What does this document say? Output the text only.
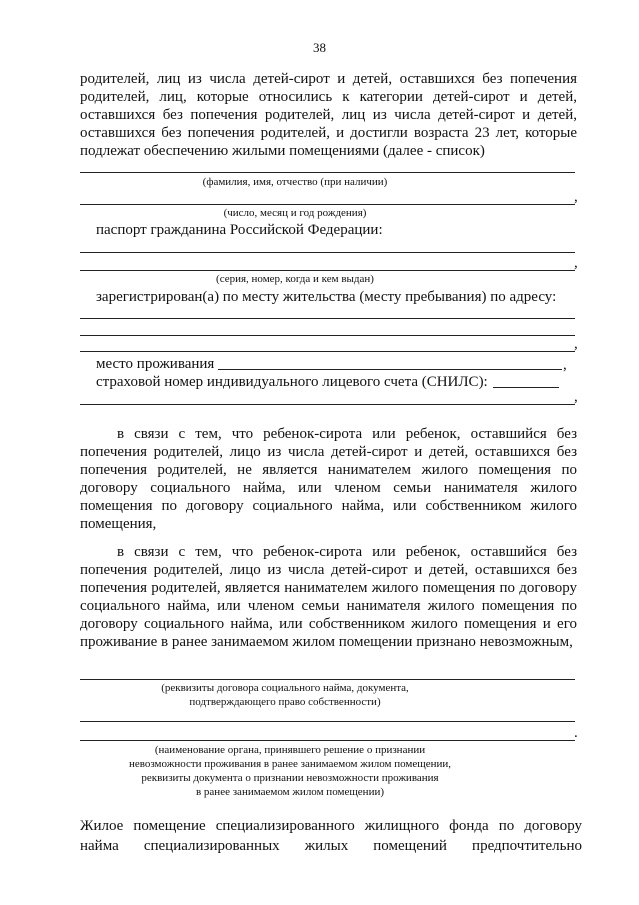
38
родителей, лиц из числа детей-сирот и детей, оставшихся без попечения родителей, лиц, которые относились к категории детей-сирот и детей, оставшихся без попечения родителей, лиц из числа детей-сирот и детей, оставшихся без попечения родителей, и достигли возраста 23 лет, которые подлежат обеспечению жилыми помещениями (далее - список)
(фамилия, имя, отчество (при наличии)
,
(число, месяц и год рождения)
паспорт гражданина Российской Федерации:
,
(серия, номер, когда и кем выдан)
зарегистрирован(а) по месту жительства (месту пребывания) по адресу:
,
место проживания	,
страховой номер индивидуального лицевого счета (СНИЛС):
,
в связи с тем, что ребенок-сирота или ребенок, оставшийся без попечения родителей, лицо из числа детей-сирот и детей, оставшихся без попечения родителей, не является нанимателем жилого помещения по договору социального найма, или членом семьи нанимателя жилого помещения по договору социального найма, или собственником жилого помещения,
в связи с тем, что ребенок-сирота или ребенок, оставшийся без попечения родителей, лицо из числа детей-сирот и детей, оставшихся без попечения родителей, является нанимателем жилого помещения по договору социального найма, или членом семьи нанимателя жилого помещения по договору социального найма, или собственником жилого помещения и его проживание в ранее занимаемом жилом помещении признано невозможным,
(реквизиты договора социального найма, документа,
подтверждающего право собственности)
.
(наименование органа, принявшего решение о признании
невозможности проживания в ранее занимаемом жилом помещении,
реквизиты документа о признании невозможности проживания
в ранее занимаемом жилом помещении)
Жилое помещение специализированного жилищного фонда по договору
найма специализированных жилых помещений предпочтительно
